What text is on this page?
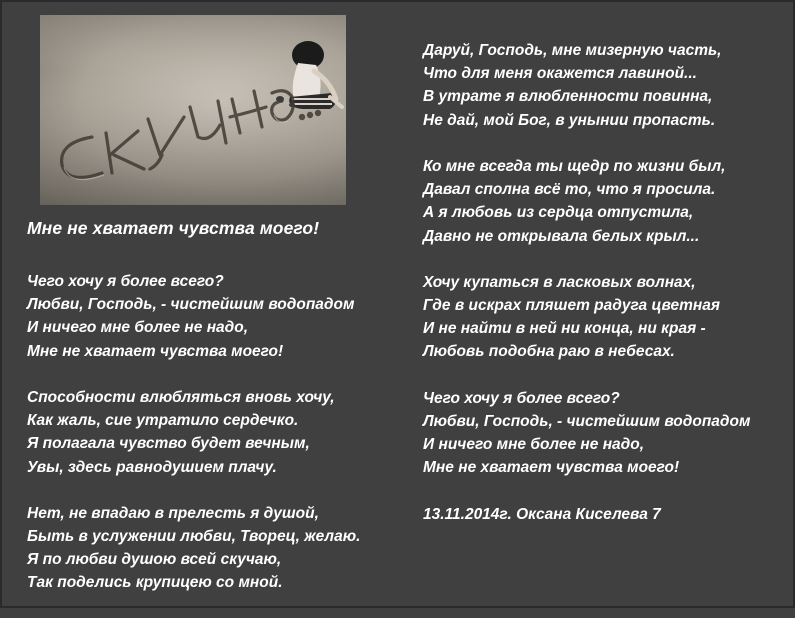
Мне не хватает чувства моего!
Чего хочу я более всего?
Любви, Господь, - чистейшим водопадом
И ничего мне более не надо,
Мне не хватает чувства моего!
Способности влюбляться вновь хочу,
Как жаль, сие утратило сердечко.
Я полагала чувство будет вечным,
Увы, здесь равнодушием плачу.
Нет, не впадаю в прелесть я душой,
Быть в услужении любви, Творец, желаю.
Я по любви душою всей скучаю,
Так поделись крупицею со мной.
Даруй, Господь, мне мизерную часть,
Что для меня окажется лавиной...
В утрате я влюбленности повинна,
Не дай, мой Бог, в унынии пропасть.
Ко мне всегда ты щедр по жизни был,
Давал сполна всё то, что я просила.
А я любовь из сердца отпустила,
Давно не открывала белых крыл...
Хочу купаться в ласковых волнах,
Где в искрах пляшет радуга цветная
И не найти в ней ни конца, ни края -
Любовь подобна раю в небесах.
Чего хочу я более всего?
Любви, Господь, - чистейшим водопадом
И ничего мне более не надо,
Мне не хватает чувства моего!
13.11.2014г. Оксана Киселева 7
